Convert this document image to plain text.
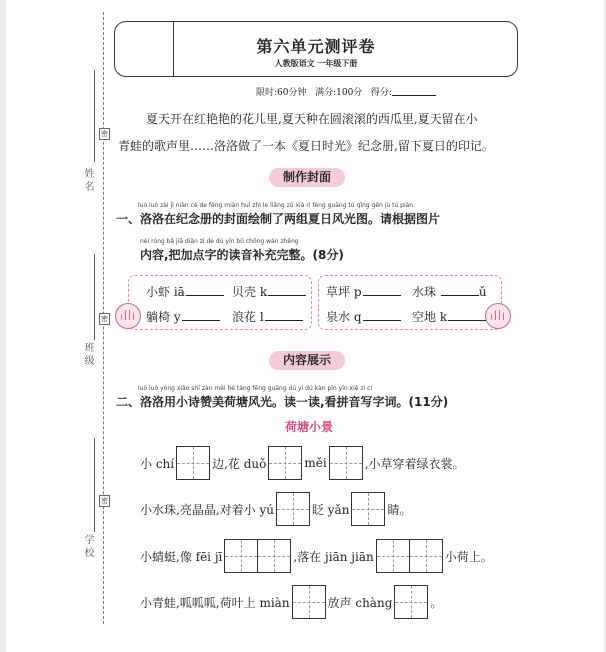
姓 名
班 级
学 校
密
密
密
第六单元测评卷
人教版语文 一年级下册
限时:60分钟 满分:100分 得分:
夏天开在红艳艳的花儿里,夏天种在圆滚滚的西瓜里,夏天留在小
青蛙的歌声里……洛洛做了一本《夏日时光》纪念册,留下夏日的印记。
制作封面
luò luò zài jì niàn cè de fēng miàn huì zhì le liǎng zǔ xià rì fēng guāng tú qǐng gēn jù tú piàn
一、洛洛在纪念册的封面绘制了两组夏日风光图。请根据图片
nèi róng bǎ jiā diǎn zì de dú yīn bǔ chōng wán zhěng
内容,把加点字的读音补充完整。(8分)
小虾 iā	贝壳 k	草坪 p	水珠	ǔ
躺椅 y	浪花 l	泉水 q	空地 k
内容展示
luò luò yòng xiǎo shī zàn měi hé táng fēng guāng dú yi dú kàn pīn yīn xiě zì cí
二、洛洛用小诗赞美荷塘风光。读一读,看拼音写字词。(11分)
荷塘小景
小 chí	边,花 duǒ	měi	,小草穿着绿衣裳。
小水珠,亮晶晶,对着小 yú	眨 yǎn	睛。
小蜻蜓,像 fēi jī	,落在 jiān jiān	小荷上。
小青蛙,呱呱呱,荷叶上 miàn	放声 chàng	。
